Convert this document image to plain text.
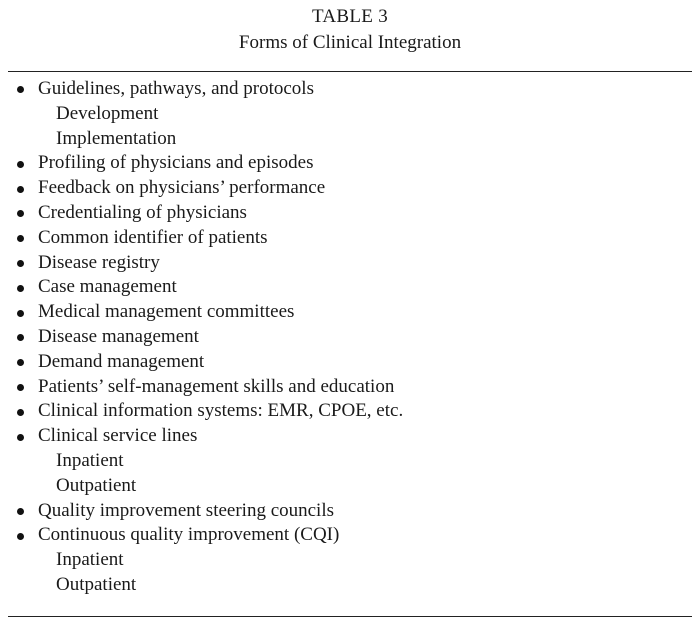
TABLE 3
Forms of Clinical Integration
Guidelines, pathways, and protocols
Development
Implementation
Profiling of physicians and episodes
Feedback on physicians’ performance
Credentialing of physicians
Common identifier of patients
Disease registry
Case management
Medical management committees
Disease management
Demand management
Patients’ self-management skills and education
Clinical information systems: EMR, CPOE, etc.
Clinical service lines
Inpatient
Outpatient
Quality improvement steering councils
Continuous quality improvement (CQI)
Inpatient
Outpatient
